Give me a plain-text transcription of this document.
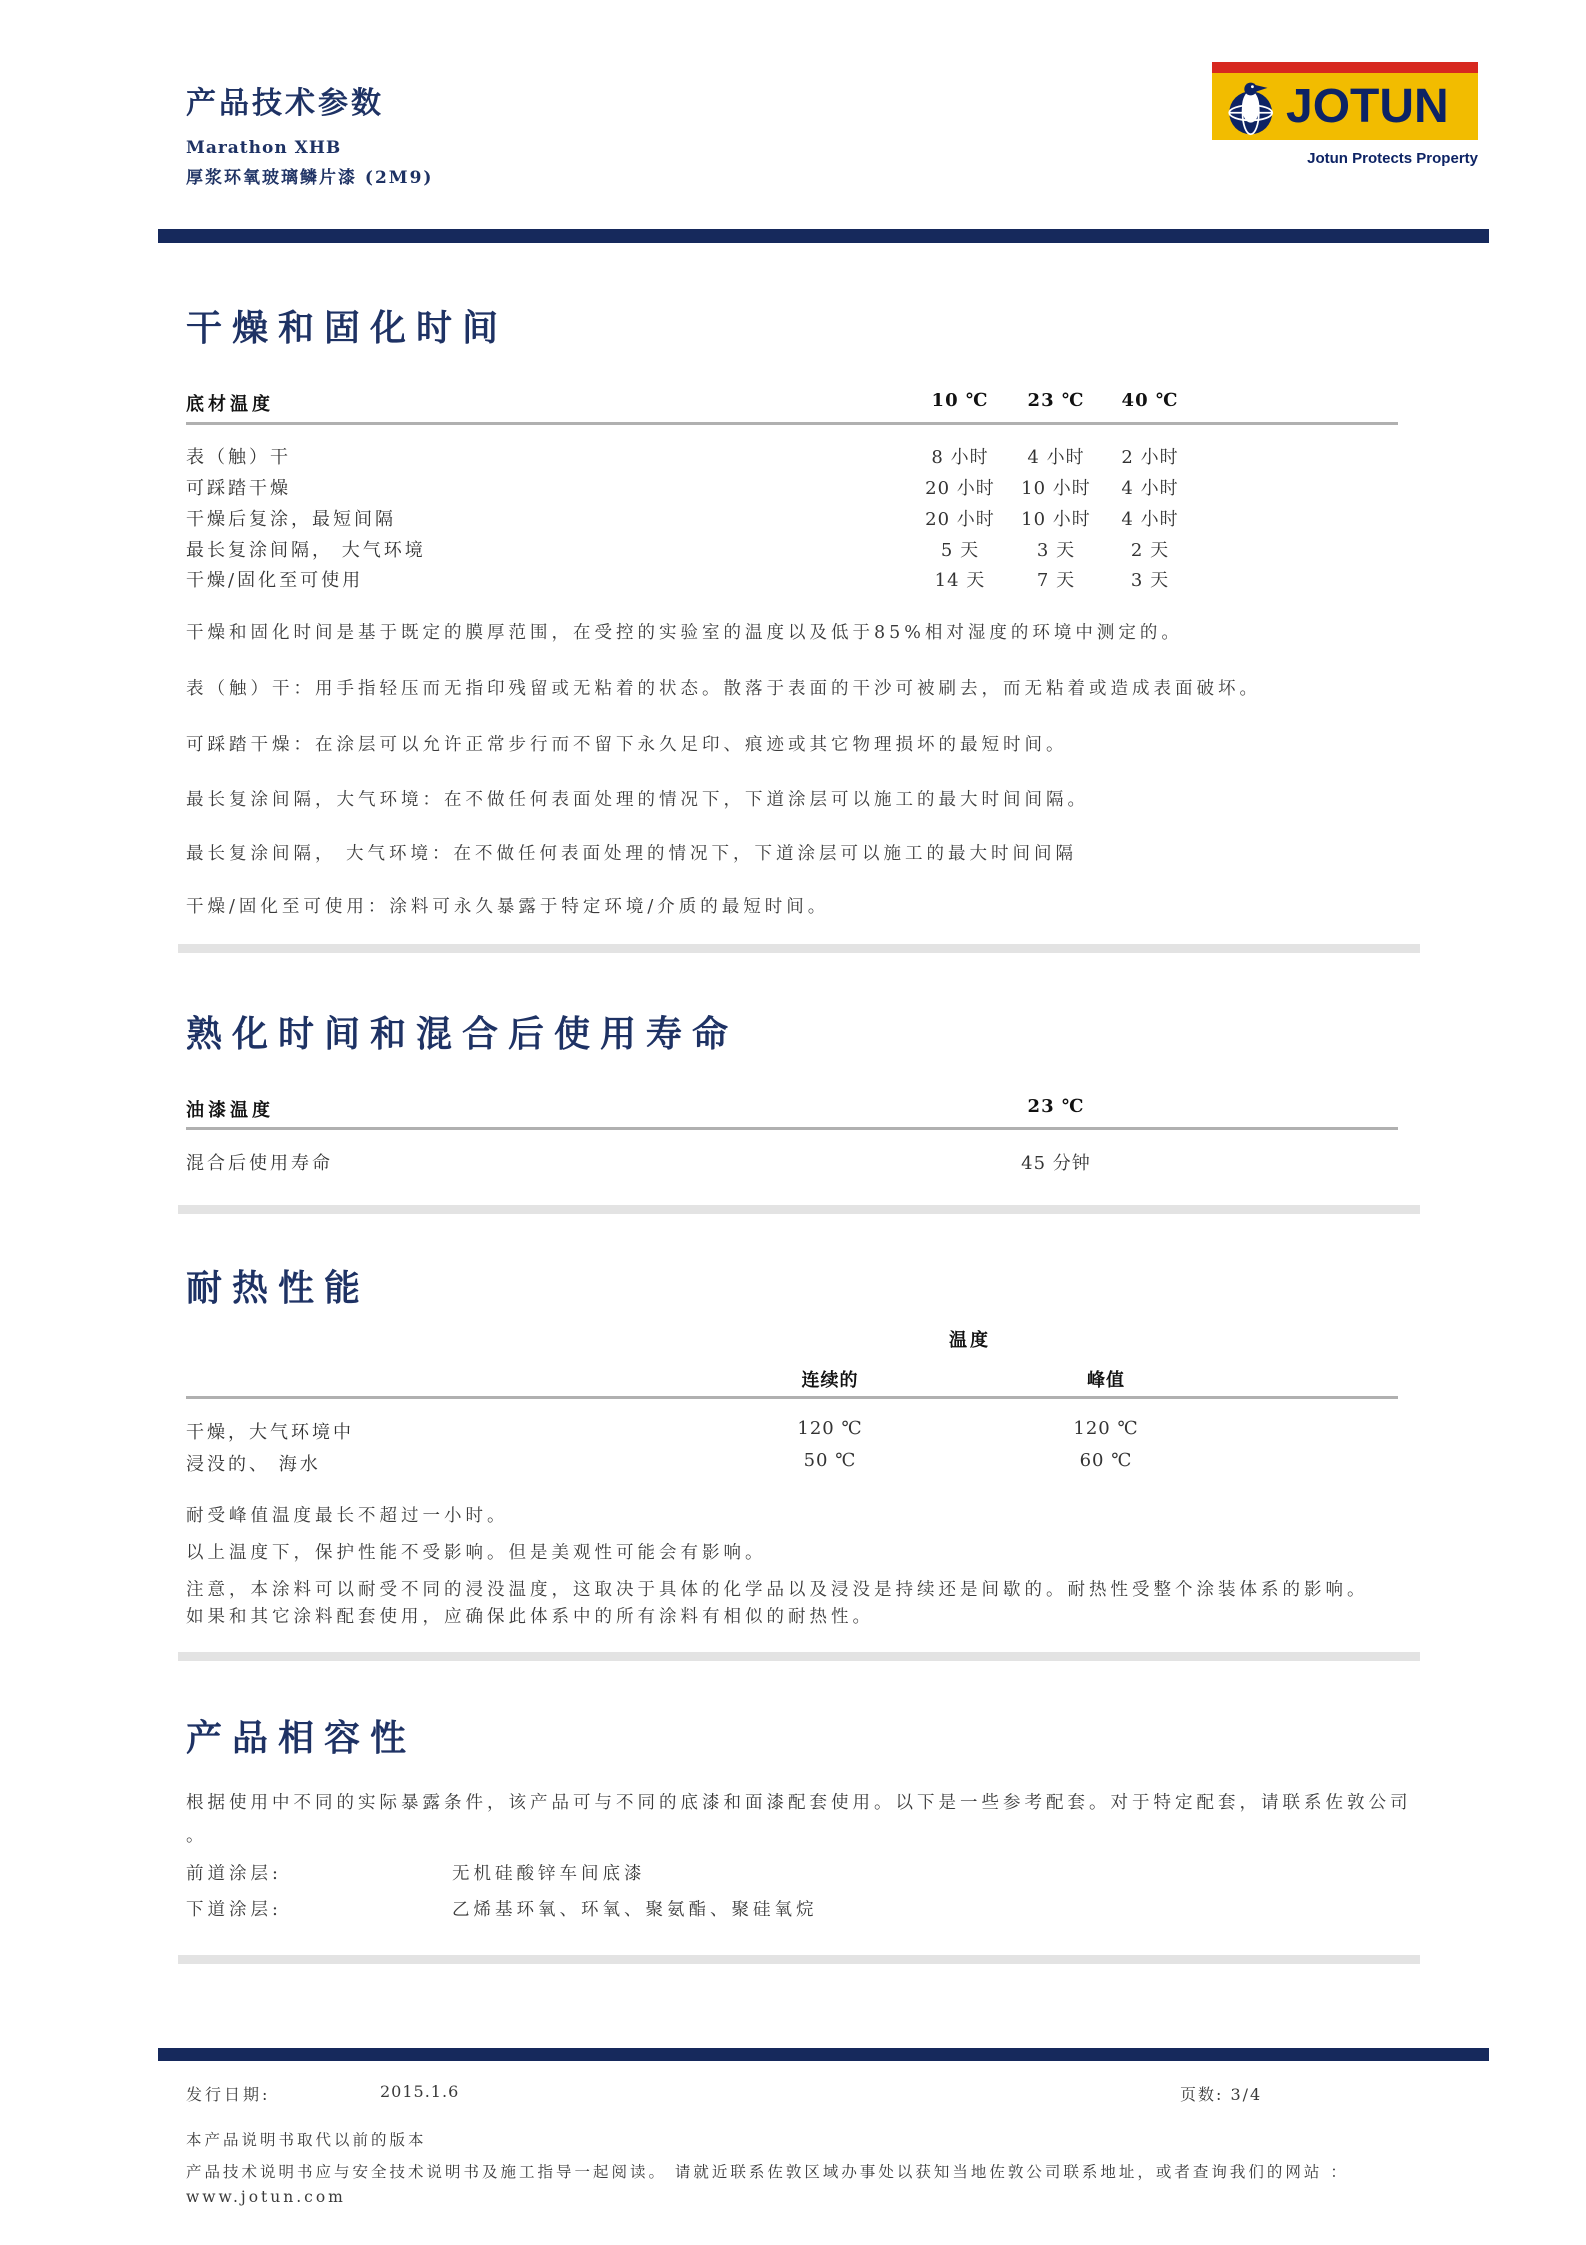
产品技术参数
Marathon XHB
厚浆环氧玻璃鳞片漆 (2M9)
JOTUN
Jotun Protects Property
干燥和固化时间
底材温度	10 ℃	23 ℃	40 ℃
表（触）干	8 小时	4 小时	2 小时
可踩踏干燥	20 小时	10 小时	4 小时
干燥后复涂，最短间隔	20 小时	10 小时	4 小时
最长复涂间隔， 大气环境	5 天	3 天	2 天
干燥/固化至可使用	14 天	7 天	3 天
干燥和固化时间是基于既定的膜厚范围，在受控的实验室的温度以及低于85%相对湿度的环境中测定的。
表（触）干：用手指轻压而无指印残留或无粘着的状态。散落于表面的干沙可被刷去，而无粘着或造成表面破坏。
可踩踏干燥：在涂层可以允许正常步行而不留下永久足印、痕迹或其它物理损坏的最短时间。
最长复涂间隔，大气环境：在不做任何表面处理的情况下，下道涂层可以施工的最大时间间隔。
最长复涂间隔， 大气环境：在不做任何表面处理的情况下，下道涂层可以施工的最大时间间隔
干燥/固化至可使用：涂料可永久暴露于特定环境/介质的最短时间。
熟化时间和混合后使用寿命
油漆温度	23 ℃
混合后使用寿命	45 分钟
耐热性能
温度
连续的	峰值
干燥，大气环境中	120 ℃	120 ℃
浸没的、 海水	50 ℃	60 ℃
耐受峰值温度最长不超过一小时。
以上温度下，保护性能不受影响。但是美观性可能会有影响。
注意，本涂料可以耐受不同的浸没温度，这取决于具体的化学品以及浸没是持续还是间歇的。耐热性受整个涂装体系的影响。
如果和其它涂料配套使用，应确保此体系中的所有涂料有相似的耐热性。
产品相容性
根据使用中不同的实际暴露条件，该产品可与不同的底漆和面漆配套使用。以下是一些参考配套。对于特定配套，请联系佐敦公司
。
前道涂层:	无机硅酸锌车间底漆
下道涂层:	乙烯基环氧、环氧、聚氨酯、聚硅氧烷
发行日期:	2015.1.6	页数: 3/4
本产品说明书取代以前的版本
产品技术说明书应与安全技术说明书及施工指导一起阅读。 请就近联系佐敦区域办事处以获知当地佐敦公司联系地址，或者查询我们的网站 ：
www.jotun.com
